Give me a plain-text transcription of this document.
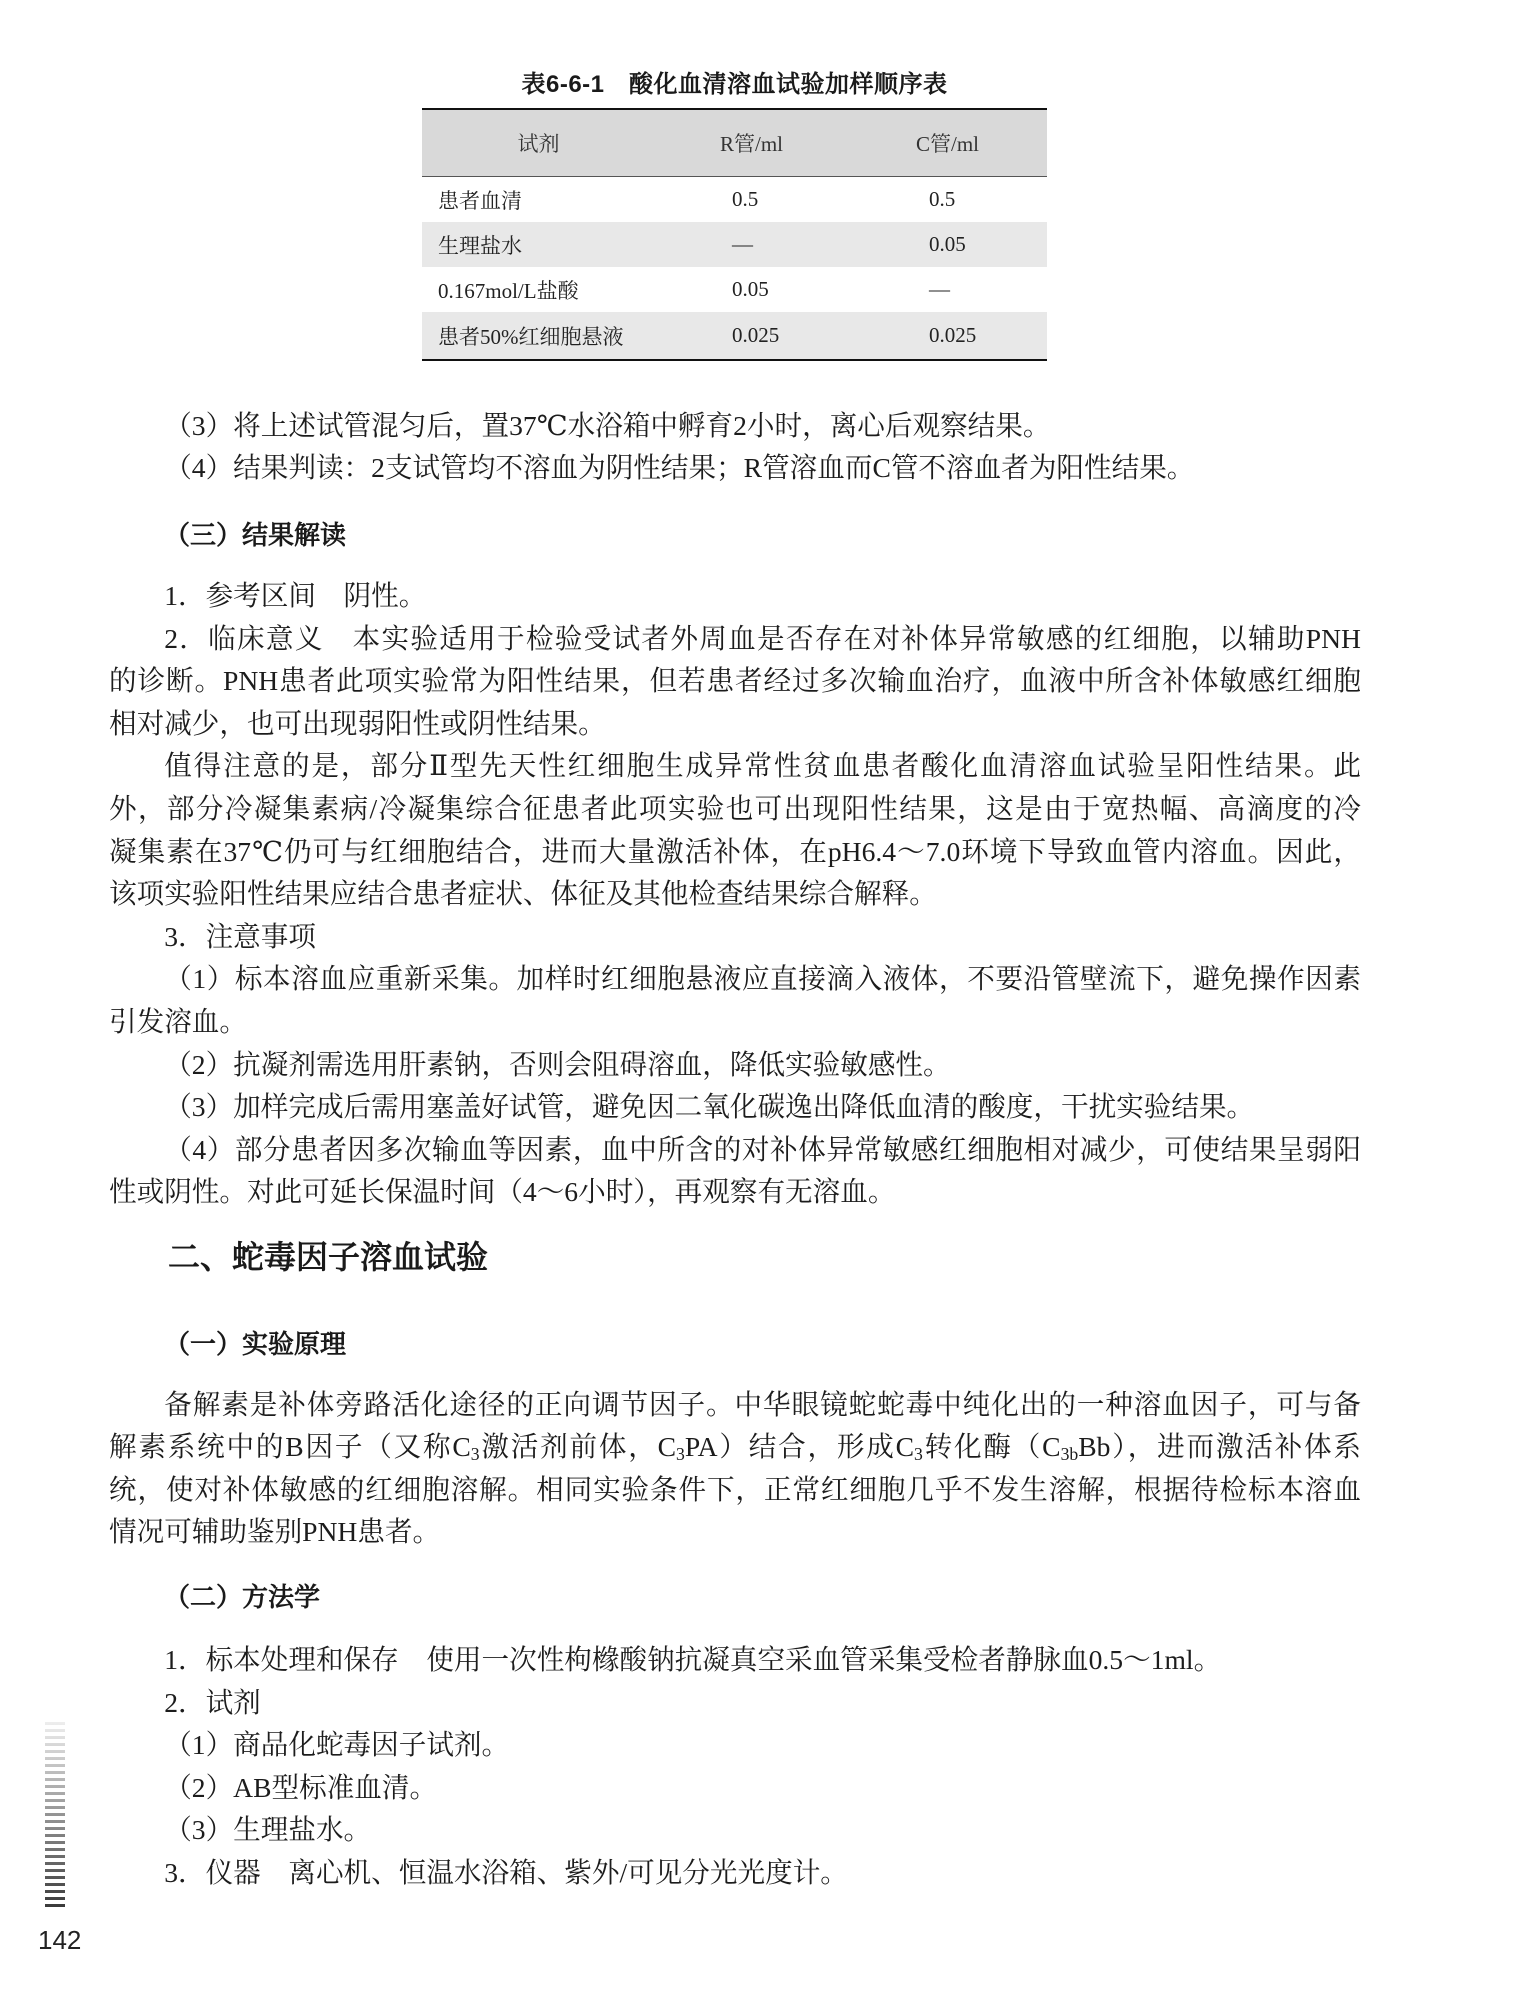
表6-6-1　酸化血清溶血试验加样顺序表
试剂	R管/ml	C管/ml
患者血清	0.5	0.5
生理盐水	—	0.05
0.167mol/L盐酸	0.05	—
患者50%红细胞悬液	0.025	0.025
（3）将上述试管混匀后，置37℃水浴箱中孵育2小时，离心后观察结果。
（4）结果判读：2支试管均不溶血为阴性结果；R管溶血而C管不溶血者为阳性结果。
（三）结果解读
1．参考区间　阴性。
2．临床意义　本实验适用于检验受试者外周血是否存在对补体异常敏感的红细胞，以辅助PNH
的诊断。PNH患者此项实验常为阳性结果，但若患者经过多次输血治疗，血液中所含补体敏感红细胞
相对减少，也可出现弱阳性或阴性结果。
值得注意的是，部分Ⅱ型先天性红细胞生成异常性贫血患者酸化血清溶血试验呈阳性结果。此
外，部分冷凝集素病/冷凝集综合征患者此项实验也可出现阳性结果，这是由于宽热幅、高滴度的冷
凝集素在37℃仍可与红细胞结合，进而大量激活补体，在pH6.4～7.0环境下导致血管内溶血。因此，
该项实验阳性结果应结合患者症状、体征及其他检查结果综合解释。
3．注意事项
（1）标本溶血应重新采集。加样时红细胞悬液应直接滴入液体，不要沿管壁流下，避免操作因素
引发溶血。
（2）抗凝剂需选用肝素钠，否则会阻碍溶血，降低实验敏感性。
（3）加样完成后需用塞盖好试管，避免因二氧化碳逸出降低血清的酸度，干扰实验结果。
（4）部分患者因多次输血等因素，血中所含的对补体异常敏感红细胞相对减少，可使结果呈弱阳
性或阴性。对此可延长保温时间（4～6小时），再观察有无溶血。
二、蛇毒因子溶血试验
（一）实验原理
备解素是补体旁路活化途径的正向调节因子。中华眼镜蛇蛇毒中纯化出的一种溶血因子，可与备
解素系统中的B因子（又称$C_3$激活剂前体，$C_3PA$）结合，形成$C_3$转化酶$(C_{3b}Bb)$，进而激活补体系
统，使对补体敏感的红细胞溶解。相同实验条件下，正常红细胞几乎不发生溶解，根据待检标本溶血
情况可辅助鉴别PNH患者。
（二）方法学
1．标本处理和保存　使用一次性枸橼酸钠抗凝真空采血管采集受检者静脉血0.5～1ml。
2．试剂
（1）商品化蛇毒因子试剂。
（2）AB型标准血清。
（3）生理盐水。
3．仪器　离心机、恒温水浴箱、紫外/可见分光光度计。
142
